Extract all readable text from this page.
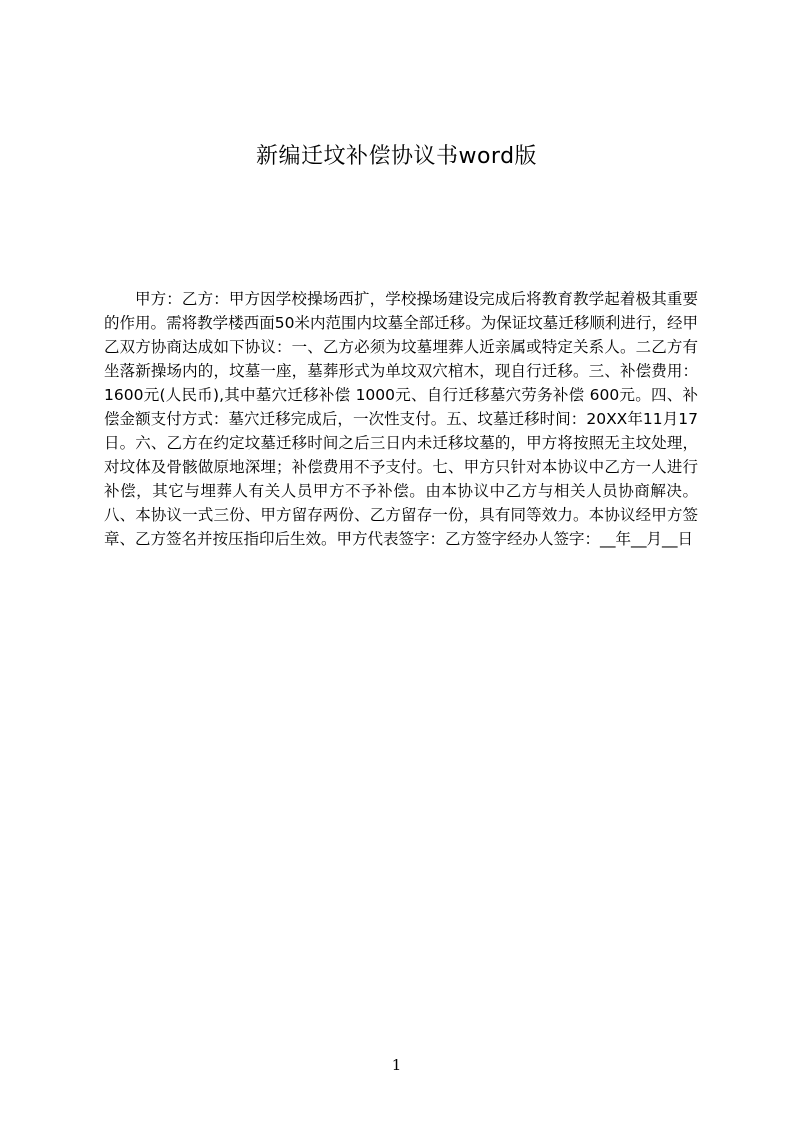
新编迁坟补偿协议书word版

甲方：乙方：甲方因学校操场西扩，学校操场建设完成后将教育教学起着极其重要的作用。需将教学楼西面50米内范围内坟墓全部迁移。为保证坟墓迁移顺利进行，经甲乙双方协商达成如下协议：一、乙方必须为坟墓埋葬人近亲属或特定关系人。二乙方有坐落新操场内的，坟墓一座，墓葬形式为单坟双穴棺木，现自行迁移。三、补偿费用：1600元(人民币),其中墓穴迁移补偿 1000元、自行迁移墓穴劳务补偿 600元。四、补偿金额支付方式：墓穴迁移完成后，一次性支付。五、坟墓迁移时间：20XX年11月17日。六、乙方在约定坟墓迁移时间之后三日内未迁移坟墓的，甲方将按照无主坟处理，对坟体及骨骸做原地深埋；补偿费用不予支付。七、甲方只针对本协议中乙方一人进行补偿，其它与埋葬人有关人员甲方不予补偿。由本协议中乙方与相关人员协商解决。八、本协议一式三份、甲方留存两份、乙方留存一份，具有同等效力。本协议经甲方签章、乙方签名并按压指印后生效。甲方代表签字：乙方签字经办人签字：__年__月__日

1
